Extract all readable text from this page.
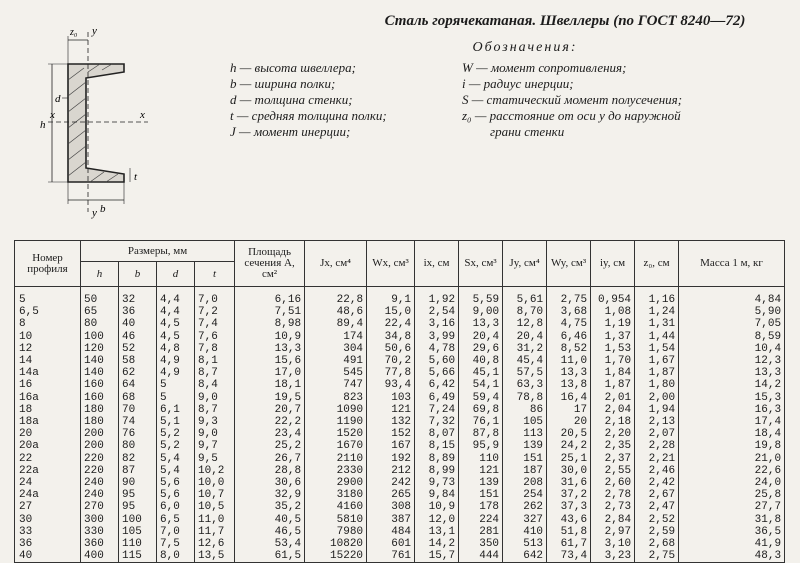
Сталь горячекатаная. Швеллеры (по ГОСТ 8240—72)
z₀ y
y
x	x
h
d
b
t
Обозначения:
h — высота швеллера;
b — ширина полки;
d — толщина стенки;
t — средняя толщина полки;
J — момент инерции;
W — момент сопротивления;
i — радиус инерции;
S — статический момент полусечения;
z₀ — расстояние от оси y до наружной
грани стенки
Номер профиля	Размеры, мм				Площадь сечения A, см²	Jx, см⁴	Wx, см³	ix, см	Sx, см³	Jy, см⁴	Wy, см³	iy, см	z₀, см	Масса 1 м, кг
	h	b	d	t										
5	50	32	4,4	7,0	6,16	22,8	9,1	1,92	5,59	5,61	2,75	0,954	1,16	4,84
6,5	65	36	4,4	7,2	7,51	48,6	15,0	2,54	9,00	8,70	3,68	1,08	1,24	5,90
8	80	40	4,5	7,4	8,98	89,4	22,4	3,16	13,3	12,8	4,75	1,19	1,31	7,05
10	100	46	4,5	7,6	10,9	174	34,8	3,99	20,4	20,4	6,46	1,37	1,44	8,59
12	120	52	4,8	7,8	13,3	304	50,6	4,78	29,6	31,2	8,52	1,53	1,54	10,4
14	140	58	4,9	8,1	15,6	491	70,2	5,60	40,8	45,4	11,0	1,70	1,67	12,3
14а	140	62	4,9	8,7	17,0	545	77,8	5,66	45,1	57,5	13,3	1,84	1,87	13,3
16	160	64	5	8,4	18,1	747	93,4	6,42	54,1	63,3	13,8	1,87	1,80	14,2
16а	160	68	5	9,0	19,5	823	103	6,49	59,4	78,8	16,4	2,01	2,00	15,3
18	180	70	6,1	8,7	20,7	1090	121	7,24	69,8	86	17	2,04	1,94	16,3
18а	180	74	5,1	9,3	22,2	1190	132	7,32	76,1	105	20	2,18	2,13	17,4
20	200	76	5,2	9,0	23,4	1520	152	8,07	87,8	113	20,5	2,20	2,07	18,4
20а	200	80	5,2	9,7	25,2	1670	167	8,15	95,9	139	24,2	2,35	2,28	19,8
22	220	82	5,4	9,5	26,7	2110	192	8,89	110	151	25,1	2,37	2,21	21,0
22а	220	87	5,4	10,2	28,8	2330	212	8,99	121	187	30,0	2,55	2,46	22,6
24	240	90	5,6	10,0	30,6	2900	242	9,73	139	208	31,6	2,60	2,42	24,0
24а	240	95	5,6	10,7	32,9	3180	265	9,84	151	254	37,2	2,78	2,67	25,8
27	270	95	6,0	10,5	35,2	4160	308	10,9	178	262	37,3	2,73	2,47	27,7
30	300	100	6,5	11,0	40,5	5810	387	12,0	224	327	43,6	2,84	2,52	31,8
33	330	105	7,0	11,7	46,5	7980	484	13,1	281	410	51,8	2,97	2,59	36,5
36	360	110	7,5	12,6	53,4	10820	601	14,2	350	513	61,7	3,10	2,68	41,9
40	400	115	8,0	13,5	61,5	15220	761	15,7	444	642	73,4	3,23	2,75	48,3
